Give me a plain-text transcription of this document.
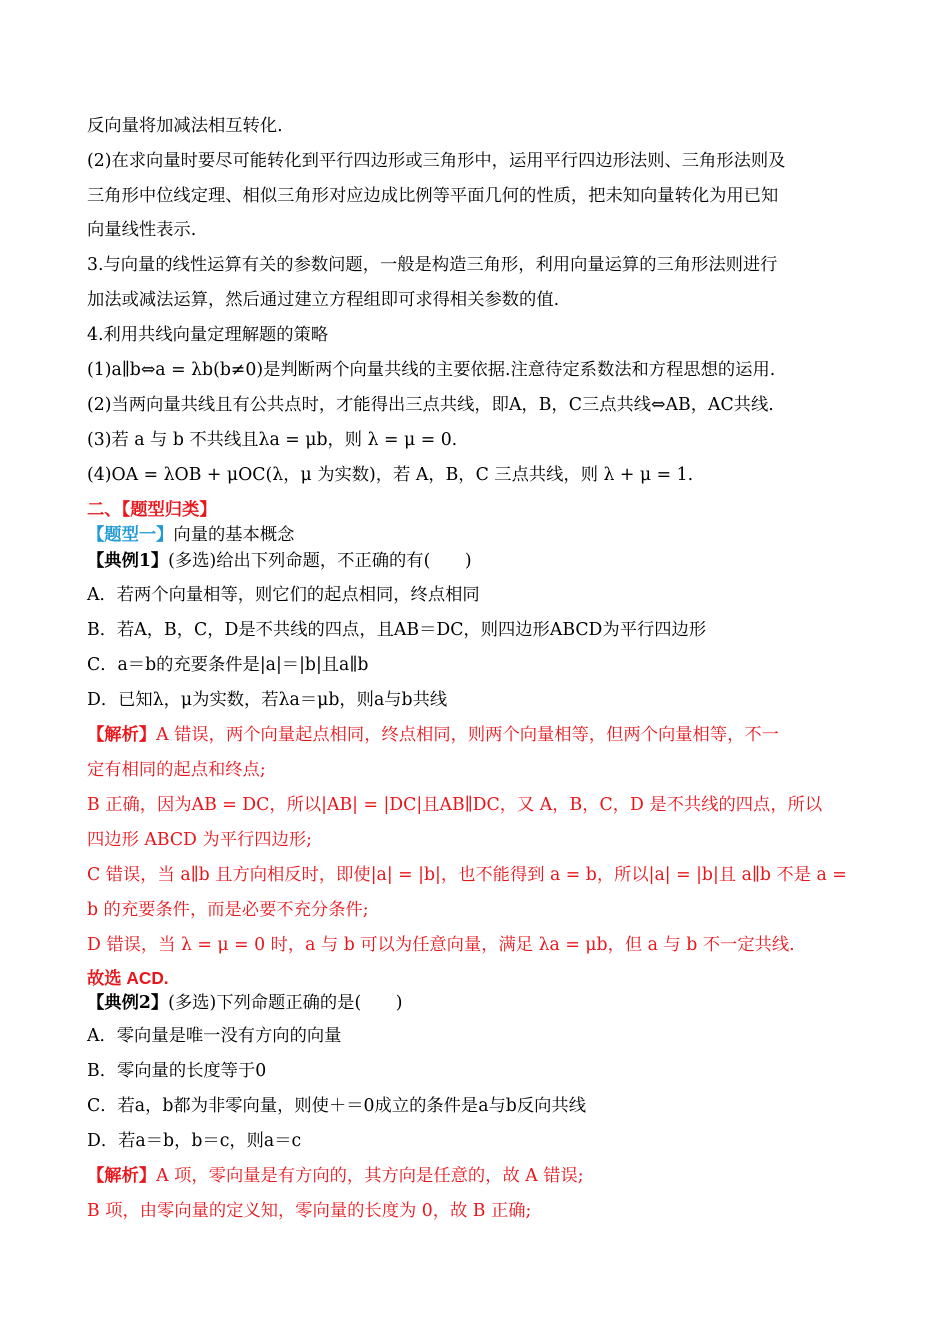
反向量将加减法相互转化.
(2)在求向量时要尽可能转化到平行四边形或三角形中，运用平行四边形法则、三角形法则及
三角形中位线定理、相似三角形对应边成比例等平面几何的性质，把未知向量转化为用已知
向量线性表示.
3.与向量的线性运算有关的参数问题，一般是构造三角形，利用向量运算的三角形法则进行
加法或减法运算，然后通过建立方程组即可求得相关参数的值.
4.利用共线向量定理解题的策略
(1)a∥b⇔a = λb(b≠0)是判断两个向量共线的主要依据.注意待定系数法和方程思想的运用.
(2)当两向量共线且有公共点时，才能得出三点共线，即A，B，C三点共线⇔AB，AC共线.
(3)若 a 与 b 不共线且λa = μb，则 λ = μ = 0.
(4)OA = λOB + μOC(λ，μ 为实数)，若 A，B，C 三点共线，则 λ + μ = 1.
二、【题型归类】
【题型一】向量的基本概念
【典例1】(多选)给出下列命题，不正确的有(　　)
A．若两个向量相等，则它们的起点相同，终点相同
B．若A，B，C，D是不共线的四点，且AB＝DC，则四边形ABCD为平行四边形
C．a＝b的充要条件是|a|＝|b|且a∥b
D．已知λ，μ为实数，若λa＝μb，则a与b共线
【解析】A 错误，两个向量起点相同，终点相同，则两个向量相等，但两个向量相等，不一
定有相同的起点和终点;
B 正确，因为AB = DC，所以|AB| = |DC|且AB∥DC，又 A，B，C，D 是不共线的四点，所以
四边形 ABCD 为平行四边形;
C 错误，当 a∥b 且方向相反时，即使|a| = |b|，也不能得到 a = b，所以|a| = |b|且 a∥b 不是 a =
b 的充要条件，而是必要不充分条件;
D 错误，当 λ = μ = 0 时，a 与 b 可以为任意向量，满足 λa = μb，但 a 与 b 不一定共线.
故选 ACD.
【典例2】(多选)下列命题正确的是(　　)
A．零向量是唯一没有方向的向量
B．零向量的长度等于0
C．若a，b都为非零向量，则使＋＝0成立的条件是a与b反向共线
D．若a＝b，b＝c，则a＝c
【解析】A 项，零向量是有方向的，其方向是任意的，故 A 错误;
B 项，由零向量的定义知，零向量的长度为 0，故 B 正确;
